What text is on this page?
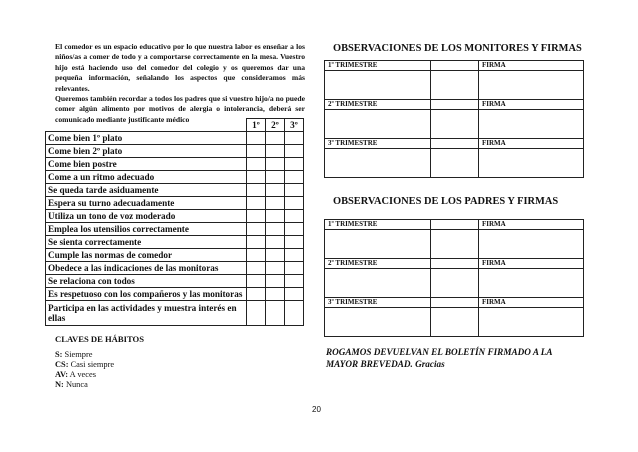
El comedor es un espacio educativo por lo que nuestra labor es enseñar a los niños/as a comer de todo y a comportarse correctamente en la mesa. Vuestro hijo está haciendo uso del comedor del colegio y os queremos dar una pequeña información, señalando los aspectos que consideramos más relevantes.
Queremos también recordar a todos los padres que si vuestro hijo/a no puede comer algún alimento por motivos de alergia o intolerancia, deberá ser comunicado mediante justificante médico
	1º	2º	3º
Come bien 1º plato			
Come bien 2º plato			
Come bien postre			
Come a un ritmo adecuado			
Se queda tarde asiduamente			
Espera su turno adecuadamente			
Utiliza un tono de voz moderado			
Emplea los utensilios correctamente			
Se sienta correctamente			
Cumple las normas de comedor			
Obedece a las indicaciones de las monitoras			
Se relaciona con todos			
Es respetuoso con los compañeros y las monitoras			
Participa en las actividades y muestra interés en ellas			
CLAVES DE HÁBITOS
S: Siempre
CS: Casi siempre
AV: A veces
N: Nunca
OBSERVACIONES DE LOS MONITORES Y FIRMAS
1º TRIMESTRE		FIRMA

2º TRIMESTRE		FIRMA

3º TRIMESTRE		FIRMA

OBSERVACIONES DE LOS PADRES Y FIRMAS
1º TRIMESTRE		FIRMA

2º TRIMESTRE		FIRMA

3º TRIMESTRE		FIRMA

ROGAMOS DEVUELVAN EL BOLETÍN FIRMADO A LA MAYOR BREVEDAD. Gracias
20
